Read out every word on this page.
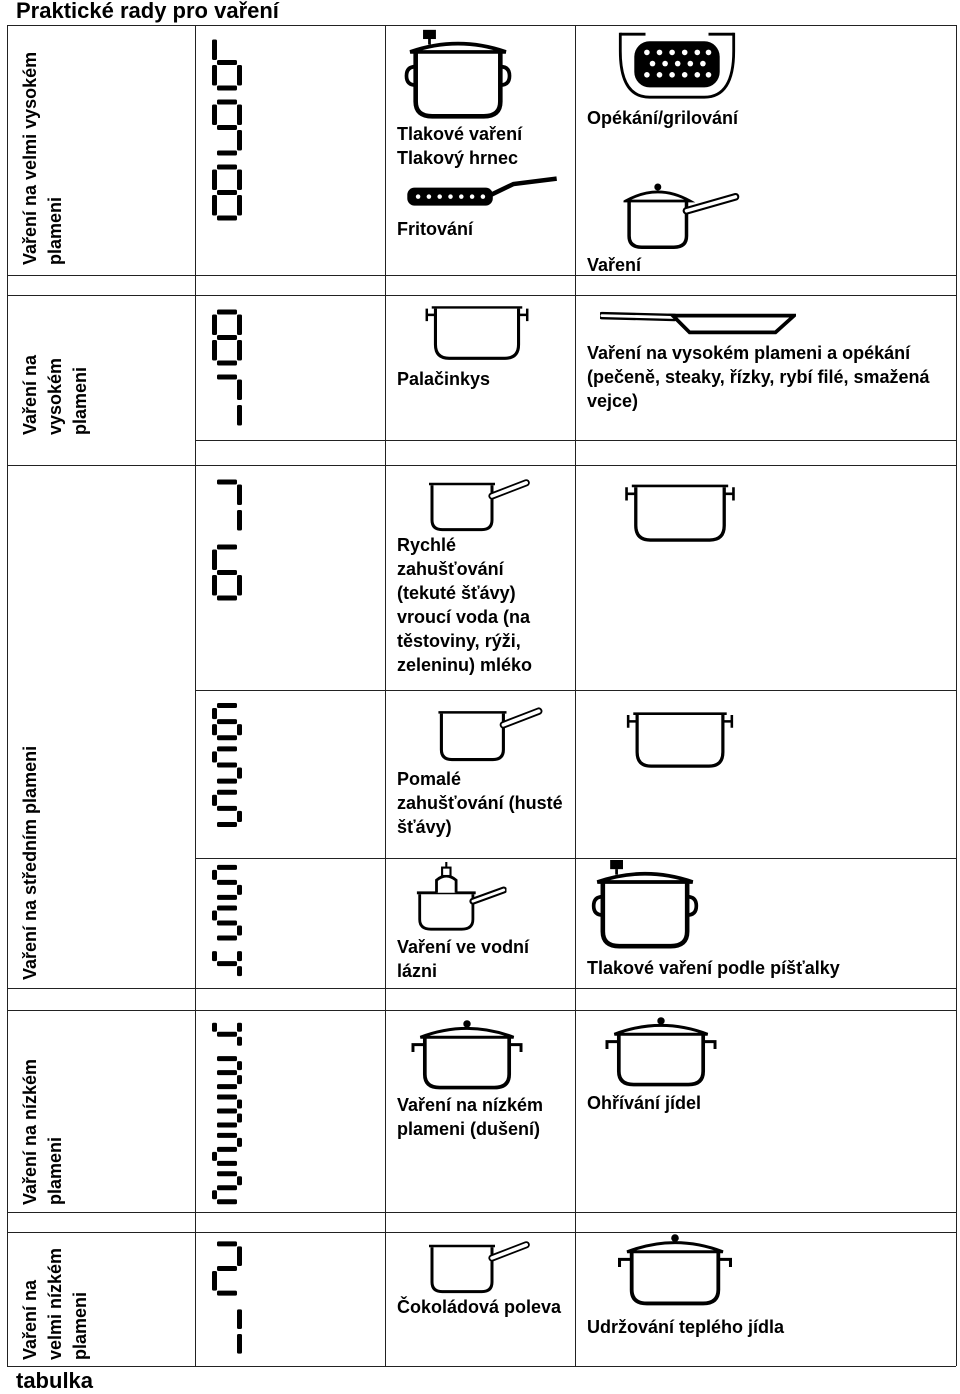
Praktické rady pro vaření
Vaření na velmi vysokém plameni
Vaření na vysokém plameni
Vaření na středním plameni
Vaření na nízkém plameni
Vaření na velmi nízkém plameni
Tlakové vaření Tlakový hrnec
Fritování
Opékání/grilování
Vaření
Palačinkys
Vaření na vysokém plameni a opékání (pečeně, steaky, řízky, rybí filé, smažená vejce)
Rychlé zahušťování (tekuté šťávy) vroucí voda (na těstoviny, rýži, zeleninu) mléko
Pomalé zahušťování (husté šťávy)
Vaření ve vodní lázni	Tlakové vaření podle píšťalky
Vaření na nízkém plameni (dušení)
Ohřívání jídel
Čokoládová poleva
Udržování teplého jídla
tabulka
